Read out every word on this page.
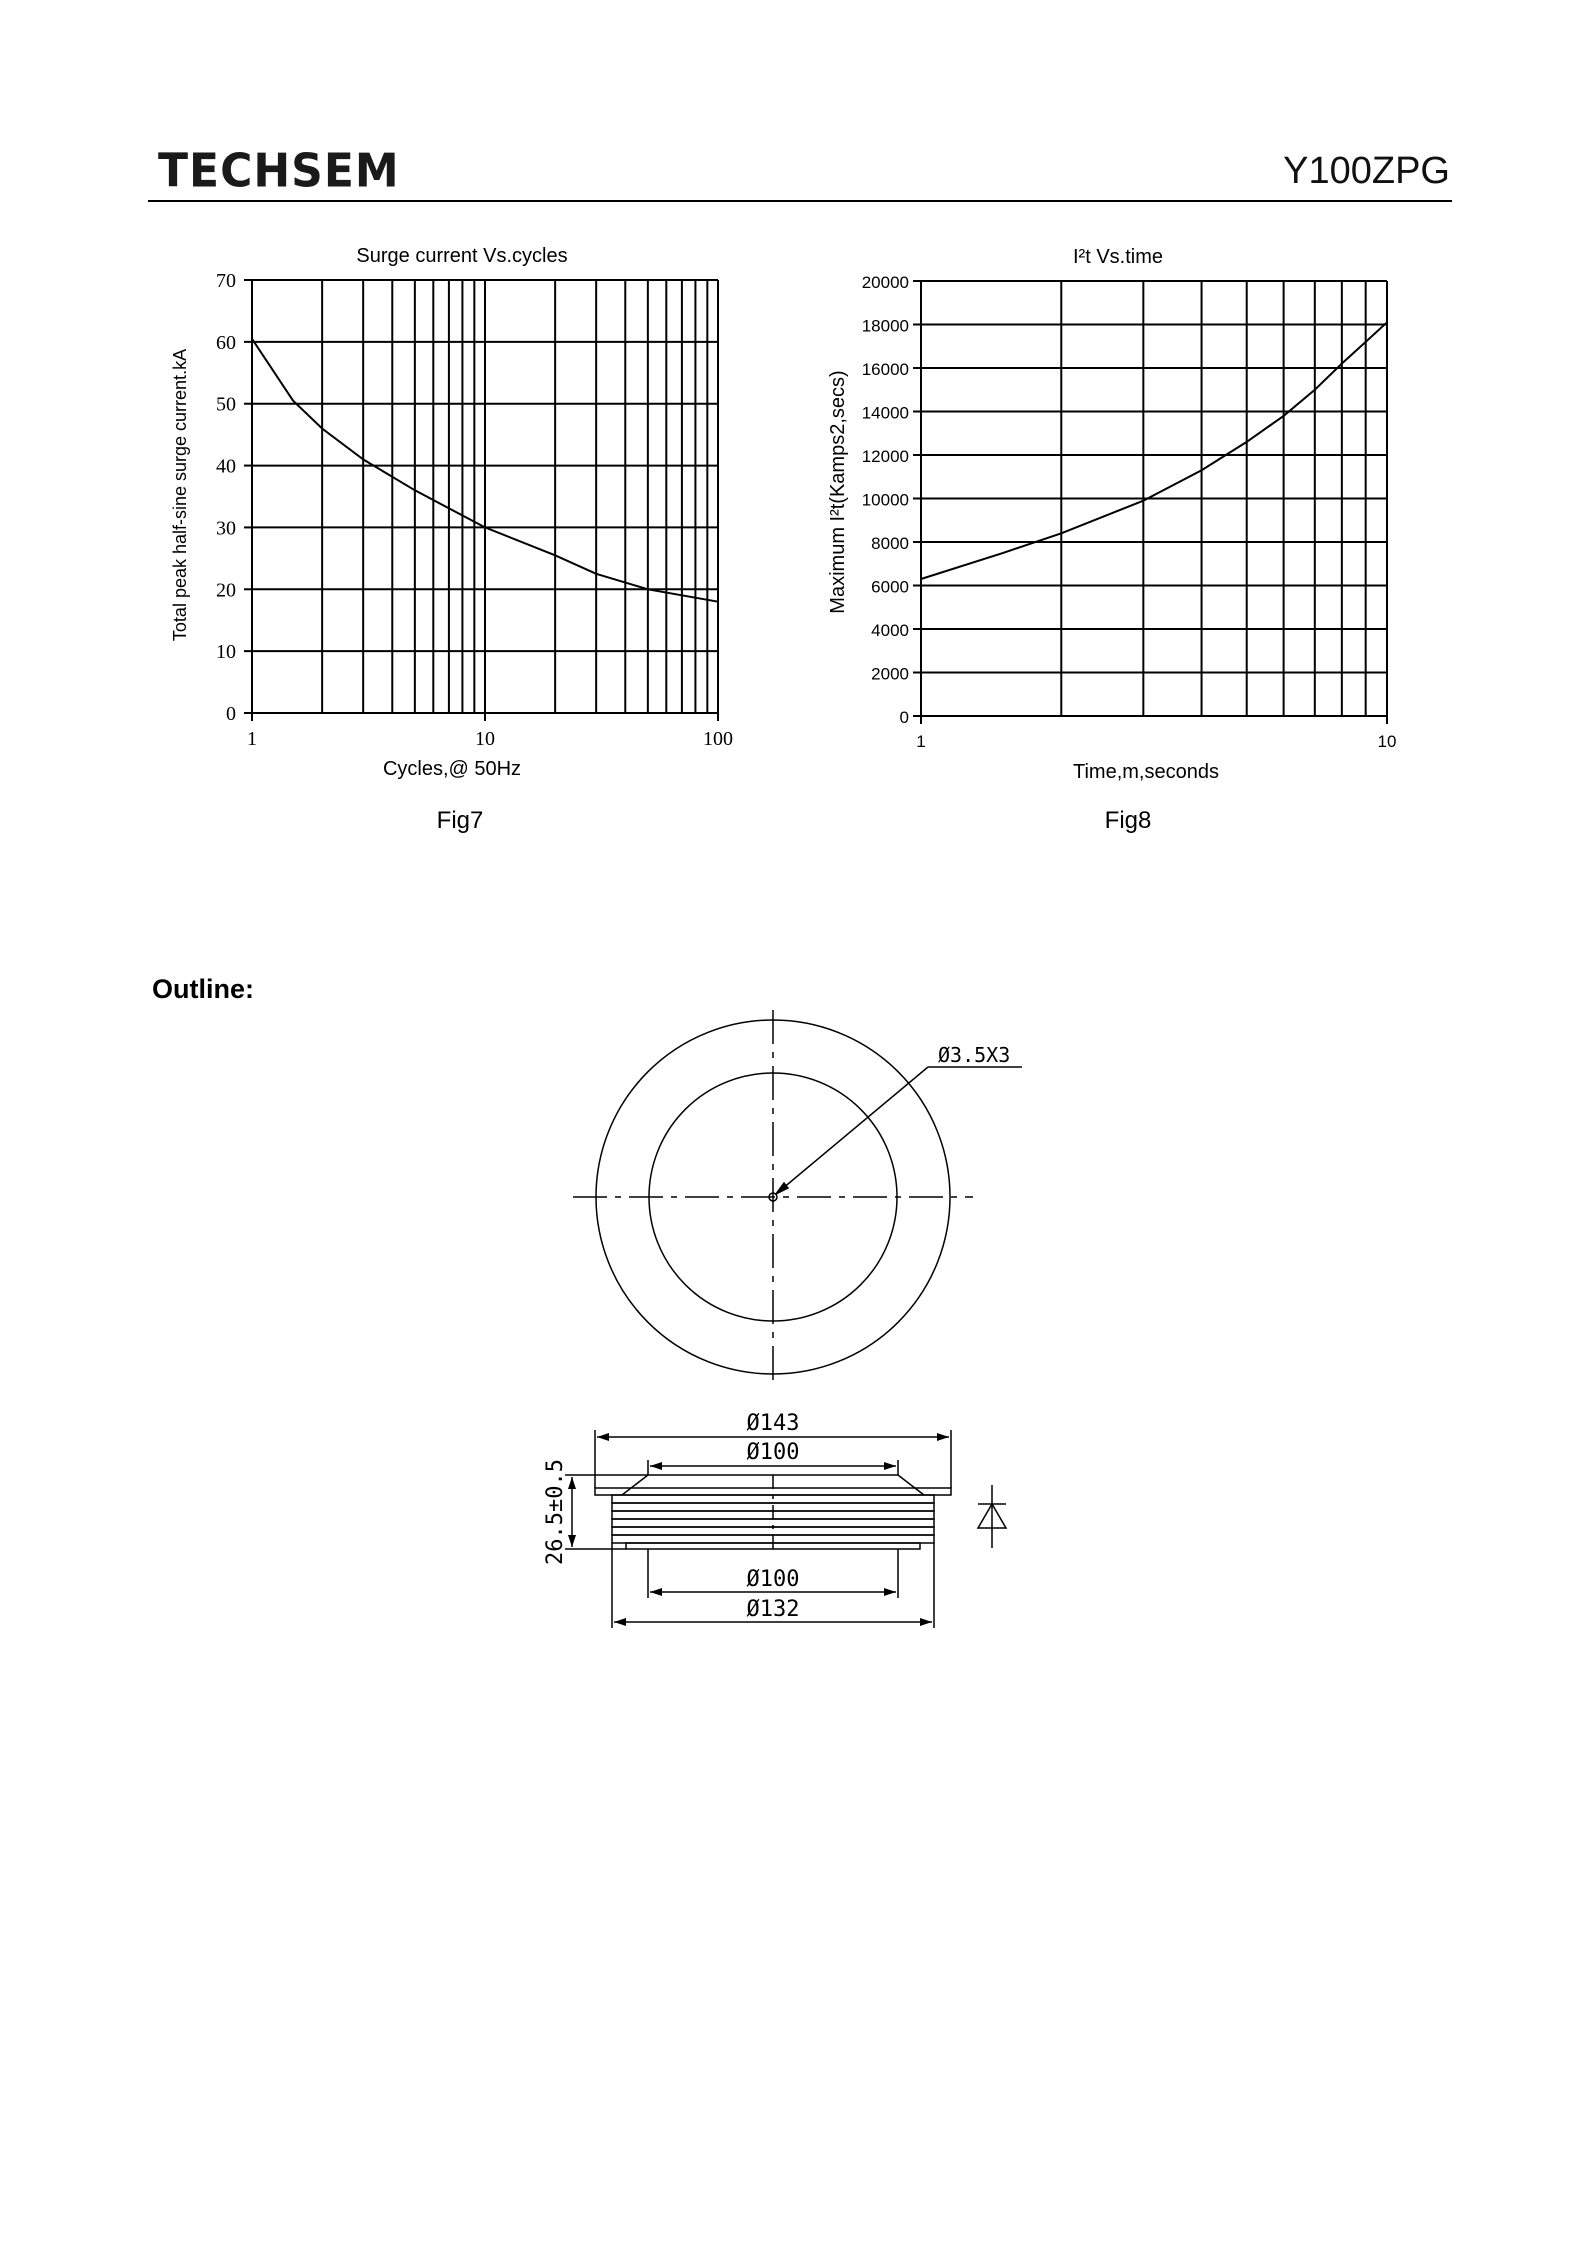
TECHSEM	Y100ZPG
Surge current Vs.cycles
0
10
20
30
40
50
60
70
1	10	100
Cycles,@ 50Hz
Total peak half-sine surge current.kA
Fig7
I²t Vs.time
0
2000
4000
6000
8000
10000
12000
14000
16000
18000
20000
1	10
Time,m,seconds
Maximum I²t(Kamps2,secs)
Fig8
Ø3.5X3
Ø143
Ø100
Ø100
Ø132
26.5±0.5
Outline:
